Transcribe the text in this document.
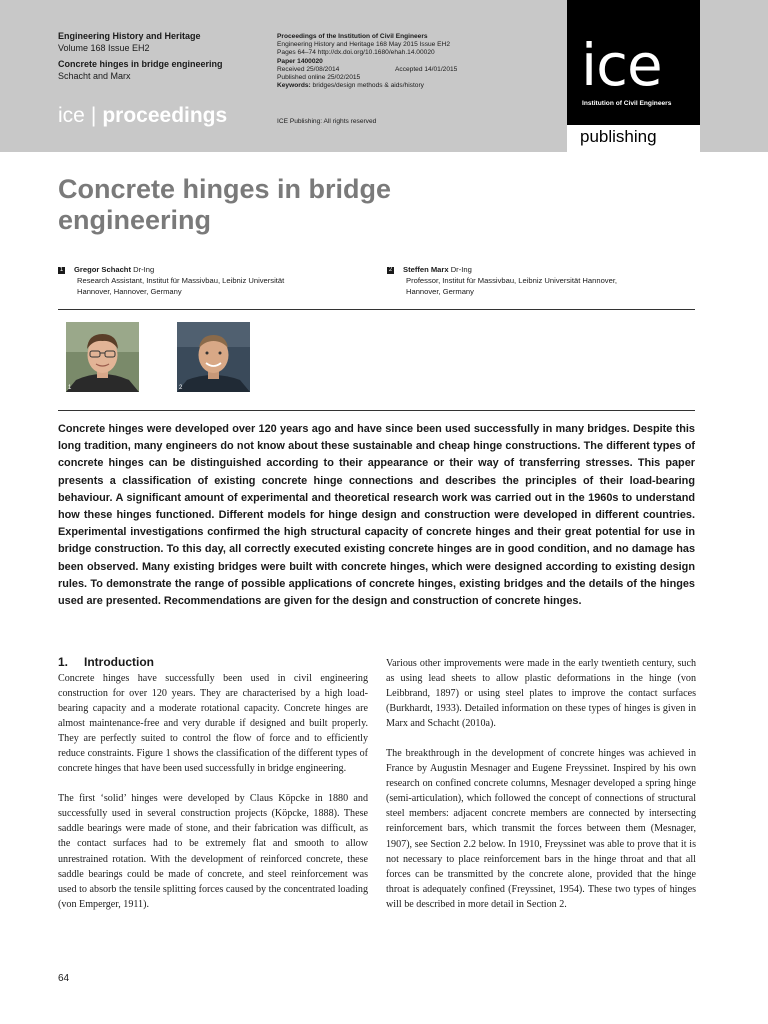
Engineering History and Heritage
Volume 168 Issue EH2
Concrete hinges in bridge engineering
Schacht and Marx
ice | proceedings
Proceedings of the Institution of Civil Engineers
Engineering History and Heritage 168 May 2015 Issue EH2
Pages 64–74 http://dx.doi.org/10.1680/ehah.14.00020
Paper 1400020
Received 25/08/2014	Accepted 14/01/2015
Published online 25/02/2015
Keywords: bridges/design methods & aids/history
ICE Publishing: All rights reserved
ice
Institution of Civil Engineers
publishing
Concrete hinges in bridge engineering
1 Gregor Schacht Dr-Ing
Research Assistant, Institut für Massivbau, Leibniz Universität
Hannover, Hannover, Germany
2 Steffen Marx Dr-Ing
Professor, Institut für Massivbau, Leibniz Universität Hannover,
Hannover, Germany
1	2
Concrete hinges were developed over 120 years ago and have since been used successfully in many bridges. Despite this long tradition, many engineers do not know about these sustainable and cheap hinge constructions. The different types of concrete hinges can be distinguished according to their appearance or their way of transferring stresses. This paper presents a classification of existing concrete hinge connections and describes the principles of their load-bearing behaviour. A significant amount of experimental and theoretical research work was carried out in the 1960s to understand how these hinges functioned. Different models for hinge design and construction were developed in different countries. Experimental investigations confirmed the high structural capacity of concrete hinges and their great potential for use in bridge construction. To this day, all correctly executed existing concrete hinges are in good condition, and no damage has been observed. Many existing bridges were built with concrete hinges, which were designed according to existing design rules. To demonstrate the range of possible applications of concrete hinges, existing bridges and the details of the hinges used are presented. Recommendations are given for the design and construction of concrete hinges.
1. Introduction

Concrete hinges have successfully been used in civil engineering construction for over 120 years. They are characterised by a high load-bearing capacity and a moderate rotational capacity. Concrete hinges are almost maintenance-free and very durable if designed and built properly. They are perfectly suited to control the flow of force and to efficiently reduce constraints. Figure 1 shows the classification of the different types of concrete hinges that have been used successfully in bridge engineering.

The first ‘solid’ hinges were developed by Claus Köpcke in 1880 and successfully used in several construction projects (Köpcke, 1888). These saddle bearings were made of stone, and their fabrication was difficult, as the contact surfaces had to be extremely flat and smooth to allow unrestrained rotation. With the development of reinforced concrete, these saddle bearings could be made of concrete, and steel reinforcement was used to absorb the tensile splitting forces caused by the concentrated loading (von Emperger, 1911).

Various other improvements were made in the early twentieth century, such as using lead sheets to allow plastic deformations in the hinge (von Leibbrand, 1897) or using steel plates to improve the contact surfaces (Burkhardt, 1933). Detailed information on these types of hinges is given in Marx and Schacht (2010a).

The breakthrough in the development of concrete hinges was achieved in France by Augustin Mesnager and Eugene Freyssinet. Inspired by his own research on confined concrete columns, Mesnager developed a spring hinge (semi-articulation), which followed the concept of connections of structural steel members: adjacent concrete members are connected by intersecting reinforcement bars, which transmit the forces between them (Mesnager, 1907), see Section 2.2 below. In 1910, Freyssinet was able to prove that it is not necessary to place reinforcement bars in the hinge throat and that all forces can be transmitted by the concrete alone, provided that the hinge throat is adequately confined (Freyssinet, 1954). These two types of hinges will be described in more detail in Section 2.

64
